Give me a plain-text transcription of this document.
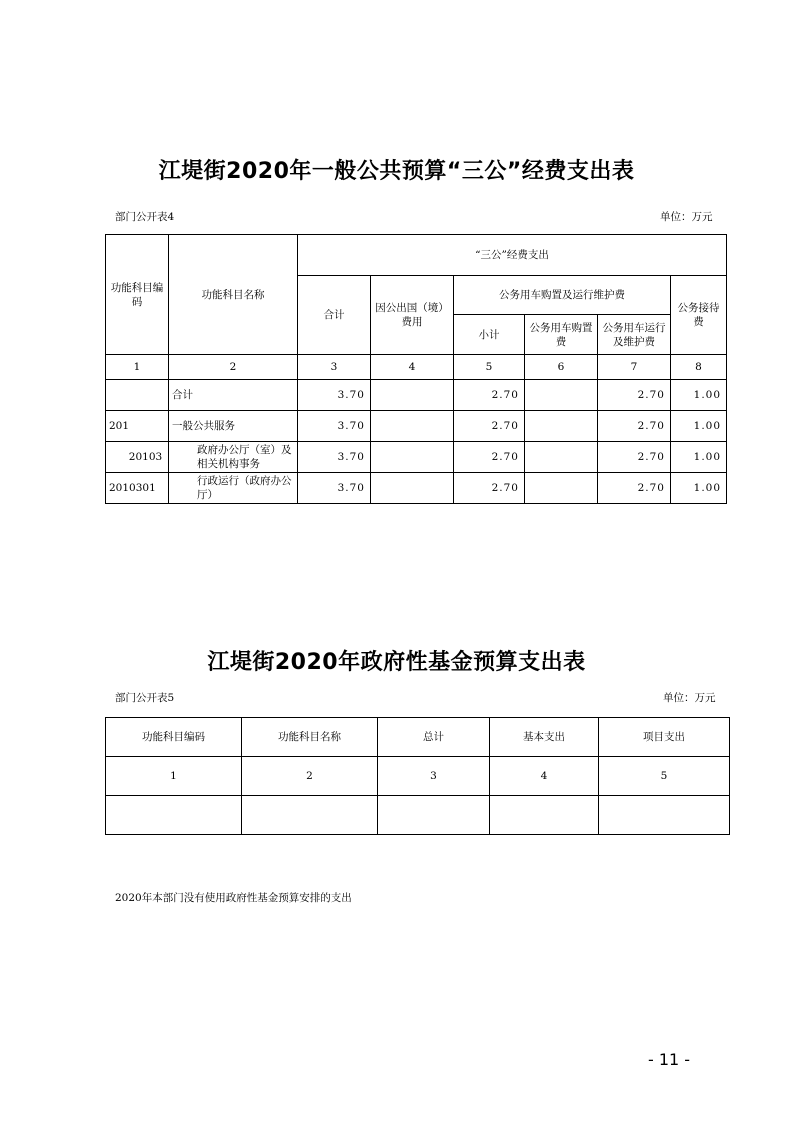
江堤街2020年一般公共预算“三公”经费支出表
部门公开表4	单位：万元
功能科目编码	功能科目名称	“三公”经费支出					
		合计	因公出国（境）费用	公务用车购置及运行维护费			公务接待费
				小计	公务用车购置费	公务用车运行及维护费	
1	2	3	4	5	6	7	8
	合计	3.70		2.70		2.70	1.00
201	一般公共服务	3.70		2.70		2.70	1.00
20103	政府办公厅（室）及相关机构事务	3.70		2.70		2.70	1.00
2010301	行政运行（政府办公厅）	3.70		2.70		2.70	1.00
江堤街2020年政府性基金预算支出表
部门公开表5	单位：万元
功能科目编码	功能科目名称	总计	基本支出	项目支出
1	2	3	4	5

2020年本部门没有使用政府性基金预算安排的支出
- 11 -
